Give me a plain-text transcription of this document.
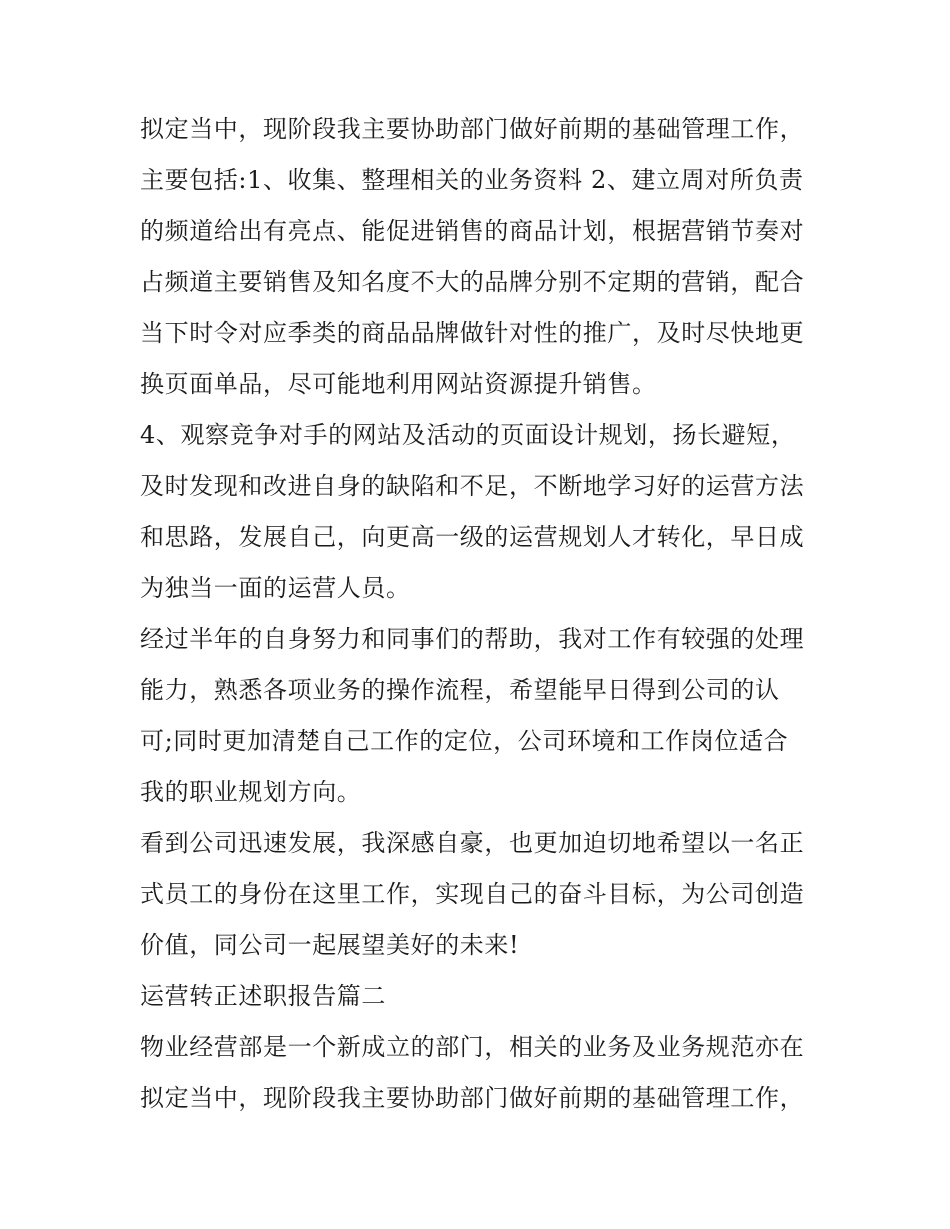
拟定当中，现阶段我主要协助部门做好前期的基础管理工作，
主要包括:1、收集、整理相关的业务资料 2、建立周对所负责
的频道给出有亮点、能促进销售的商品计划，根据营销节奏对
占频道主要销售及知名度不大的品牌分别不定期的营销，配合
当下时令对应季类的商品品牌做针对性的推广，及时尽快地更
换页面单品，尽可能地利用网站资源提升销售。
4、观察竞争对手的网站及活动的页面设计规划，扬长避短，
及时发现和改进自身的缺陷和不足，不断地学习好的运营方法
和思路，发展自己，向更高一级的运营规划人才转化，早日成
为独当一面的运营人员。
经过半年的自身努力和同事们的帮助，我对工作有较强的处理
能力，熟悉各项业务的操作流程，希望能早日得到公司的认
可;同时更加清楚自己工作的定位，公司环境和工作岗位适合
我的职业规划方向。
看到公司迅速发展，我深感自豪，也更加迫切地希望以一名正
式员工的身份在这里工作，实现自己的奋斗目标，为公司创造
价值，同公司一起展望美好的未来!
运营转正述职报告篇二
物业经营部是一个新成立的部门，相关的业务及业务规范亦在
拟定当中，现阶段我主要协助部门做好前期的基础管理工作，
